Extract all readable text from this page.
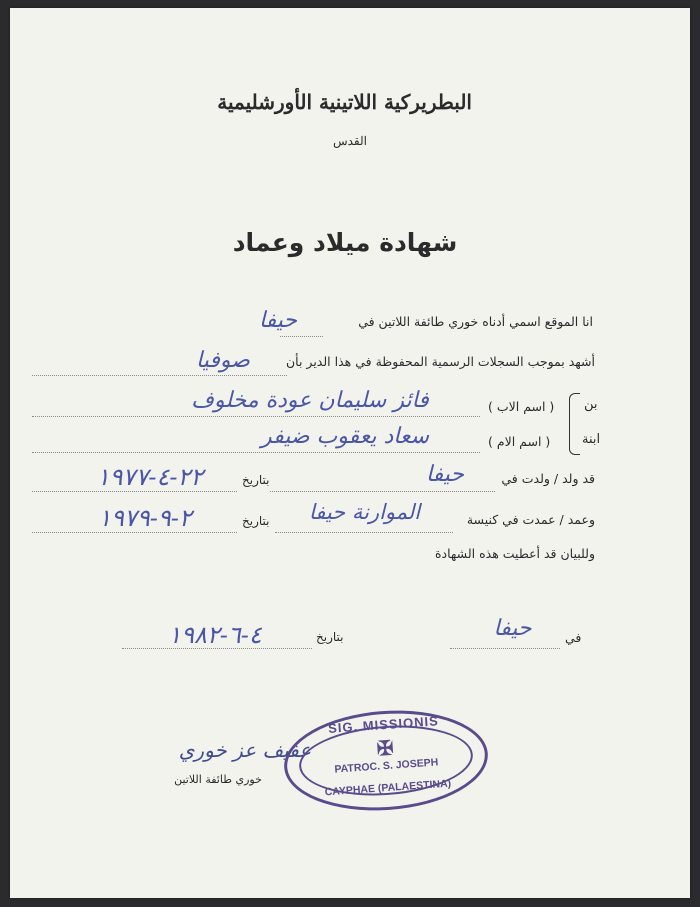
البطريركية اللاتينية الأورشليمية
القدس
شهادة ميلاد وعماد
انا الموقع اسمي أدناه خوري طائفة اللاتين في
حيفا
أشهد بموجب السجلات الرسمية المحفوظة في هذا الدير بأن
صوفيا
بن
ابنة
( اسم الاب )
فائز سليمان عودة مخلوف
( اسم الام )
سعاد يعقوب ضيفر
قد ولد / ولدت في
حيفا
بتاريخ
٢٢-٤-١٩٧٧
وعمد / عمدت في كنيسة
الموارنة حيفا
بتاريخ
٢-٩-١٩٧٩
وللبيان قد أعطيت هذه الشهادة
في
حيفا
بتاريخ
٤-٦-١٩٨٢
عفيف عز خوري
خوري طائفة اللاتين
SIG. MISSIONIS
✠
PATROC. S. JOSEPH
CAYPHAE (PALAESTINA)
